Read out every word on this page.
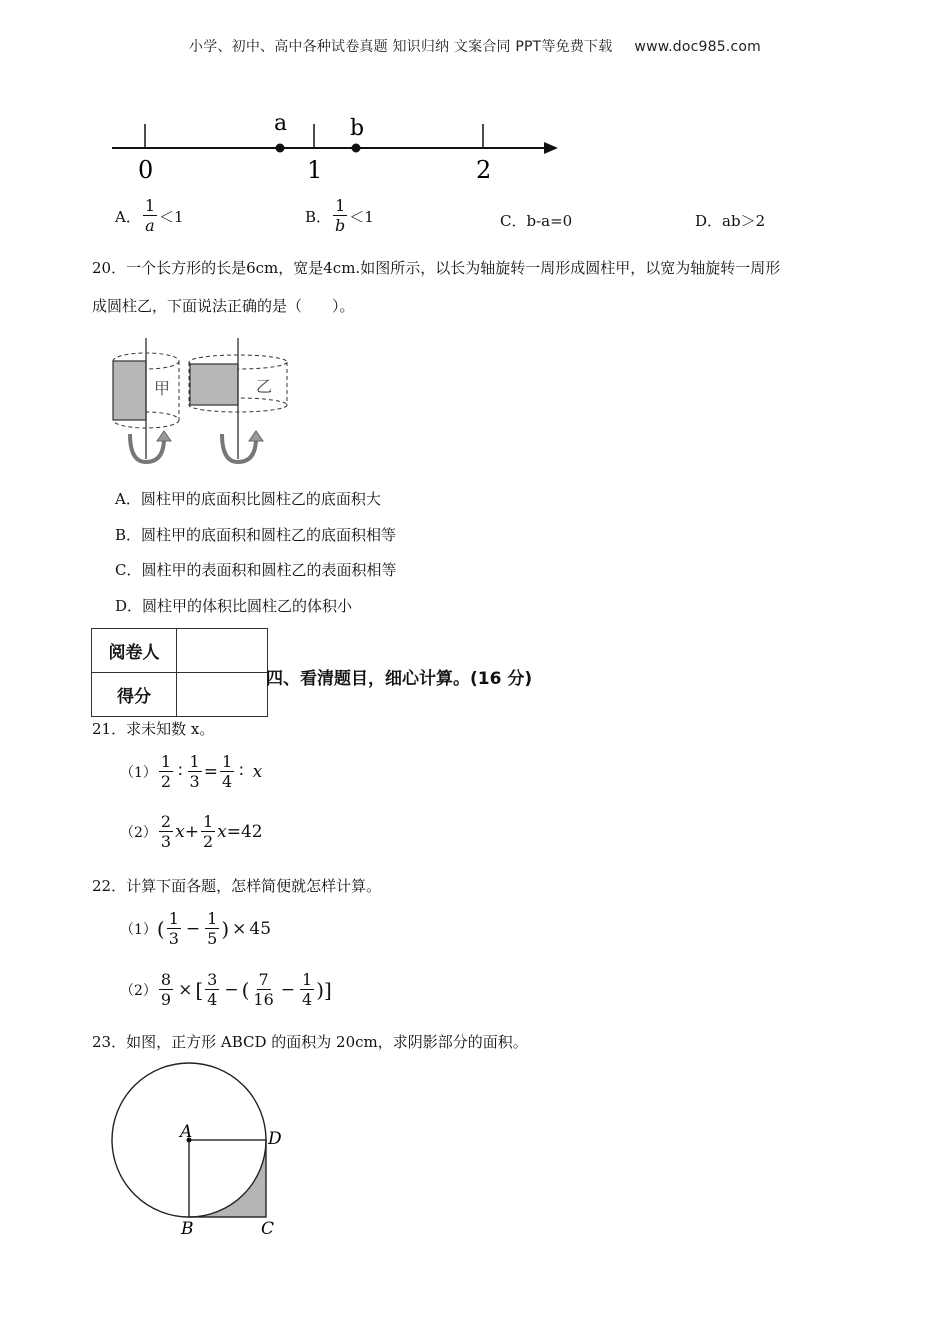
小学、初中、高中各种试卷真题 知识归纳 文案合同 PPT等免费下载 www.doc985.com
a	b
0	1	2
A． $\frac{1}{a} <1$	B． $\frac{1}{b} <1$	C．b-a=0	D．ab＞2
20．一个长方形的长是6cm，宽是4cm.如图所示，以长为轴旋转一周形成圆柱甲，以宽为轴旋转一周形
成圆柱乙，下面说法正确的是（　　）。
甲	乙
A．圆柱甲的底面积比圆柱乙的底面积大
B．圆柱甲的底面积和圆柱乙的底面积相等
C．圆柱甲的表面积和圆柱乙的表面积相等
D．圆柱甲的体积比圆柱乙的体积小
阅卷人	
得分	
四、看清题目，细心计算。(16 分)
21．求未知数 x。
$(1) \frac{1}{2}$ ∶ $\frac{1}{3} = \frac{1}{4}$ ∶ x
$(2) \frac{2}{3}$ $x + \frac{1}{2}$ x = 42
22．计算下面各题，怎样简便就怎样计算。
（1） ( $\frac{1}{3} - \frac{1}{5}$ ) × 45
$(2) \frac{8}{9}$ × [ $\frac{3}{4}$ − ( $\frac{7}{16} - \frac{1}{4}$ ) ]
23．如图，正方形 ABCD 的面积为 20cm，求阴影部分的面积。
A	D
B	C
